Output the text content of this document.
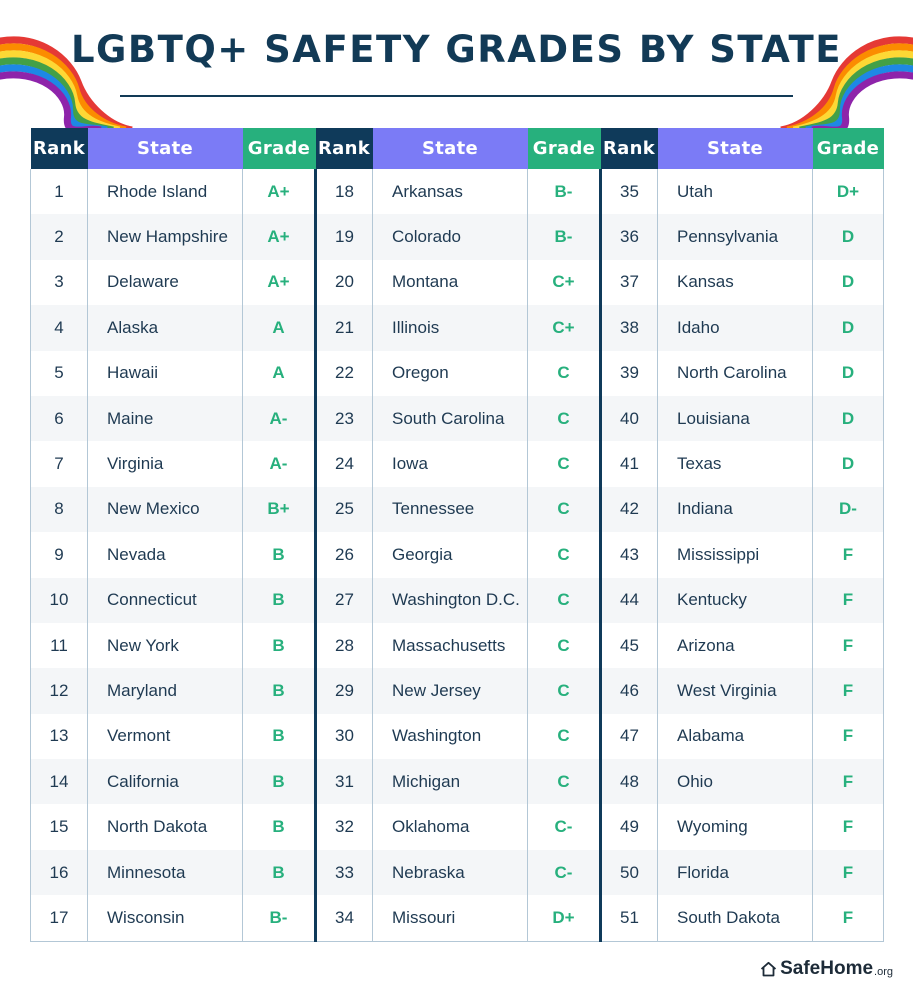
LGBTQ+ SAFETY GRADES BY STATE
Rank	State	Grade	Rank	State	Grade	Rank	State	Grade
1	Rhode Island	A+	18	Arkansas	B-	35	Utah	D+
2	New Hampshire	A+	19	Colorado	B-	36	Pennsylvania	D
3	Delaware	A+	20	Montana	C+	37	Kansas	D
4	Alaska	A	21	Illinois	C+	38	Idaho	D
5	Hawaii	A	22	Oregon	C	39	North Carolina	D
6	Maine	A-	23	South Carolina	C	40	Louisiana	D
7	Virginia	A-	24	Iowa	C	41	Texas	D
8	New Mexico	B+	25	Tennessee	C	42	Indiana	D-
9	Nevada	B	26	Georgia	C	43	Mississippi	F
10	Connecticut	B	27	Washington D.C.	C	44	Kentucky	F
11	New York	B	28	Massachusetts	C	45	Arizona	F
12	Maryland	B	29	New Jersey	C	46	West Virginia	F
13	Vermont	B	30	Washington	C	47	Alabama	F
14	California	B	31	Michigan	C	48	Ohio	F
15	North Dakota	B	32	Oklahoma	C-	49	Wyoming	F
16	Minnesota	B	33	Nebraska	C-	50	Florida	F
17	Wisconsin	B-	34	Missouri	D+	51	South Dakota	F
SafeHome .org
